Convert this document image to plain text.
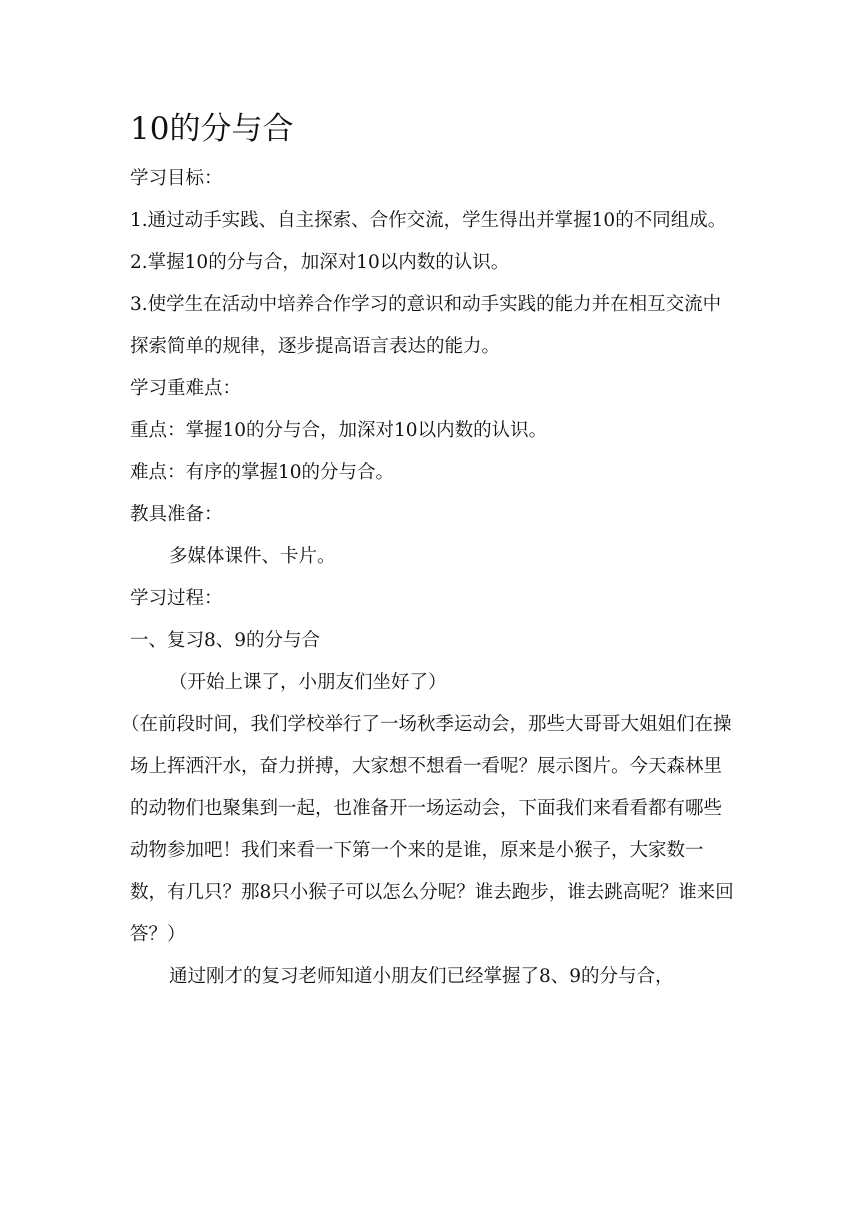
10的分与合

学习目标：

1.通过动手实践、自主探索、合作交流，学生得出并掌握10的不同组成。

2.掌握10的分与合，加深对10以内数的认识。

3.使学生在活动中培养合作学习的意识和动手实践的能力并在相互交流中探索简单的规律，逐步提高语言表达的能力。

学习重难点：

重点：掌握10的分与合，加深对10以内数的认识。

难点：有序的掌握10的分与合。

教具准备：

多媒体课件、卡片。

学习过程：

一、复习8、9的分与合

（开始上课了，小朋友们坐好了）

（在前段时间，我们学校举行了一场秋季运动会，那些大哥哥大姐姐们在操场上挥洒汗水，奋力拼搏，大家想不想看一看呢？展示图片。今天森林里的动物们也聚集到一起，也准备开一场运动会，下面我们来看看都有哪些动物参加吧！我们来看一下第一个来的是谁，原来是小猴子，大家数一数，有几只？那8只小猴子可以怎么分呢？谁去跑步，谁去跳高呢？谁来回答？）

通过刚才的复习老师知道小朋友们已经掌握了8、9的分与合，
